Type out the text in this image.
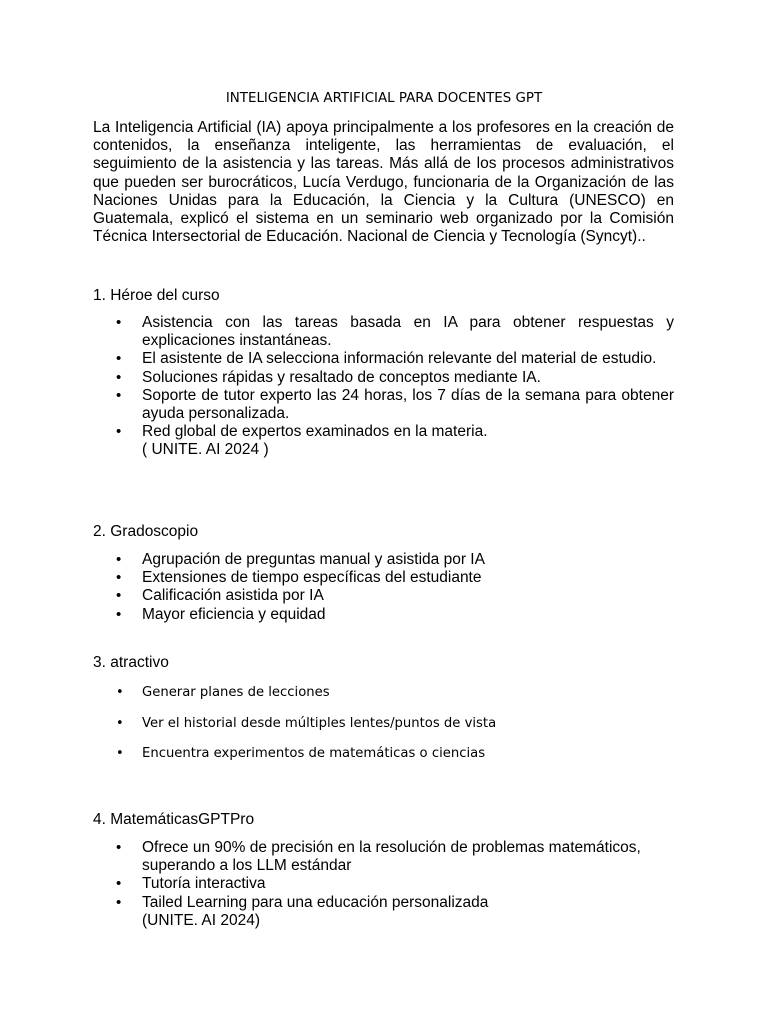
INTELIGENCIA ARTIFICIAL PARA DOCENTES GPT

La Inteligencia Artificial (IA) apoya principalmente a los profesores en la creación de contenidos, la enseñanza inteligente, las herramientas de evaluación, el seguimiento de la asistencia y las tareas. Más allá de los procesos administrativos que pueden ser burocráticos, Lucía Verdugo, funcionaria de la Organización de las Naciones Unidas para la Educación, la Ciencia y la Cultura (UNESCO) en Guatemala, explicó el sistema en un seminario web organizado por la Comisión Técnica Intersectorial de Educación. Nacional de Ciencia y Tecnología (Syncyt)..

1. Héroe del curso

• Asistencia con las tareas basada en IA para obtener respuestas y explicaciones instantáneas.
• El asistente de IA selecciona información relevante del material de estudio.
• Soluciones rápidas y resaltado de conceptos mediante IA.
• Soporte de tutor experto las 24 horas, los 7 días de la semana para obtener ayuda personalizada.
• Red global de expertos examinados en la materia.
( UNITE. AI 2024 )

2. Gradoscopio

• Agrupación de preguntas manual y asistida por IA
• Extensiones de tiempo específicas del estudiante
• Calificación asistida por IA
• Mayor eficiencia y equidad

3. atractivo

• Generar planes de lecciones
• Ver el historial desde múltiples lentes/puntos de vista
• Encuentra experimentos de matemáticas o ciencias

4. MatemáticasGPTPro

• Ofrece un 90% de precisión en la resolución de problemas matemáticos, superando a los LLM estándar
• Tutoría interactiva
• Tailed Learning para una educación personalizada
(UNITE. AI 2024)
